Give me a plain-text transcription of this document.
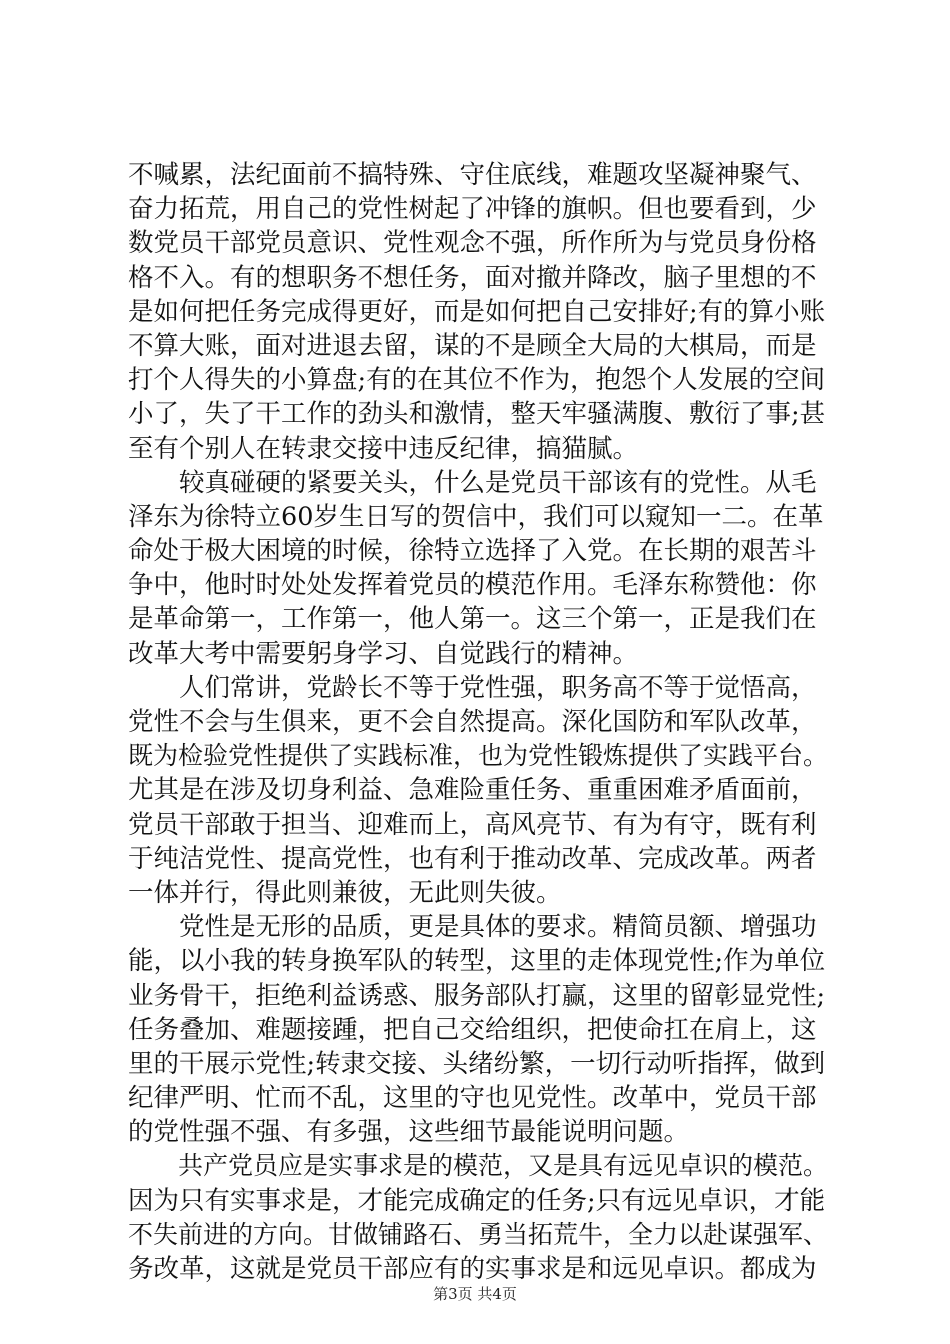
不喊累，法纪面前不搞特殊、守住底线，难题攻坚凝神聚气、
奋力拓荒，用自己的党性树起了冲锋的旗帜。但也要看到，少
数党员干部党员意识、党性观念不强，所作所为与党员身份格
格不入。有的想职务不想任务，面对撤并降改，脑子里想的不
是如何把任务完成得更好，而是如何把自己安排好;有的算小账
不算大账，面对进退去留，谋的不是顾全大局的大棋局，而是
打个人得失的小算盘;有的在其位不作为，抱怨个人发展的空间
小了，失了干工作的劲头和激情，整天牢骚满腹、敷衍了事;甚
至有个别人在转隶交接中违反纪律，搞猫腻。
　　较真碰硬的紧要关头，什么是党员干部该有的党性。从毛
泽东为徐特立60岁生日写的贺信中，我们可以窥知一二。在革
命处于极大困境的时候，徐特立选择了入党。在长期的艰苦斗
争中，他时时处处发挥着党员的模范作用。毛泽东称赞他：你
是革命第一，工作第一，他人第一。这三个第一，正是我们在
改革大考中需要躬身学习、自觉践行的精神。
　　人们常讲，党龄长不等于党性强，职务高不等于觉悟高，
党性不会与生俱来，更不会自然提高。深化国防和军队改革，
既为检验党性提供了实践标准，也为党性锻炼提供了实践平台。
尤其是在涉及切身利益、急难险重任务、重重困难矛盾面前，
党员干部敢于担当、迎难而上，高风亮节、有为有守，既有利
于纯洁党性、提高党性，也有利于推动改革、完成改革。两者
一体并行，得此则兼彼，无此则失彼。
　　党性是无形的品质，更是具体的要求。精简员额、增强功
能，以小我的转身换军队的转型，这里的走体现党性;作为单位
业务骨干，拒绝利益诱惑、服务部队打赢，这里的留彰显党性;
任务叠加、难题接踵，把自己交给组织，把使命扛在肩上，这
里的干展示党性;转隶交接、头绪纷繁，一切行动听指挥，做到
纪律严明、忙而不乱，这里的守也见党性。改革中，党员干部
的党性强不强、有多强，这些细节最能说明问题。
　　共产党员应是实事求是的模范，又是具有远见卓识的模范。
因为只有实事求是，才能完成确定的任务;只有远见卓识，才能
不失前进的方向。甘做铺路石、勇当拓荒牛，全力以赴谋强军、
务改革，这就是党员干部应有的实事求是和远见卓识。都成为
第3页 共4页
